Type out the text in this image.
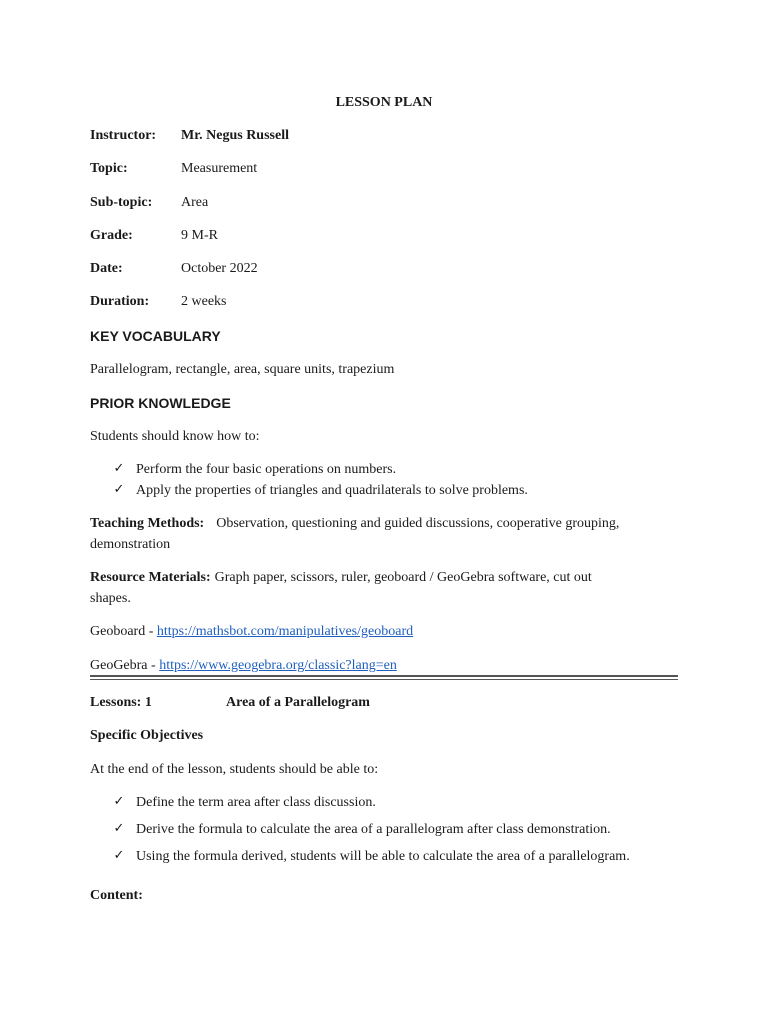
LESSON PLAN
Instructor: Mr. Negus Russell
Topic:	Measurement
Sub-topic: Area
Grade:	9 M-R
Date:	October 2022
Duration: 2 weeks
KEY VOCABULARY
Parallelogram, rectangle, area, square units, trapezium
PRIOR KNOWLEDGE
Students should know how to:
✓ Perform the four basic operations on numbers.
✓ Apply the properties of triangles and quadrilaterals to solve problems.
Teaching Methods: Observation, questioning and guided discussions, cooperative grouping,
demonstration
Resource Materials: Graph paper, scissors, ruler, geoboard / GeoGebra software, cut out
shapes.
Geoboard - https://mathsbot.com/manipulatives/geoboard
GeoGebra - https://www.geogebra.org/classic?lang=en
Lessons: 1	Area of a Parallelogram
Specific Objectives
At the end of the lesson, students should be able to:
✓ Define the term area after class discussion.
✓ Derive the formula to calculate the area of a parallelogram after class demonstration.
✓ Using the formula derived, students will be able to calculate the area of a parallelogram.
Content:
